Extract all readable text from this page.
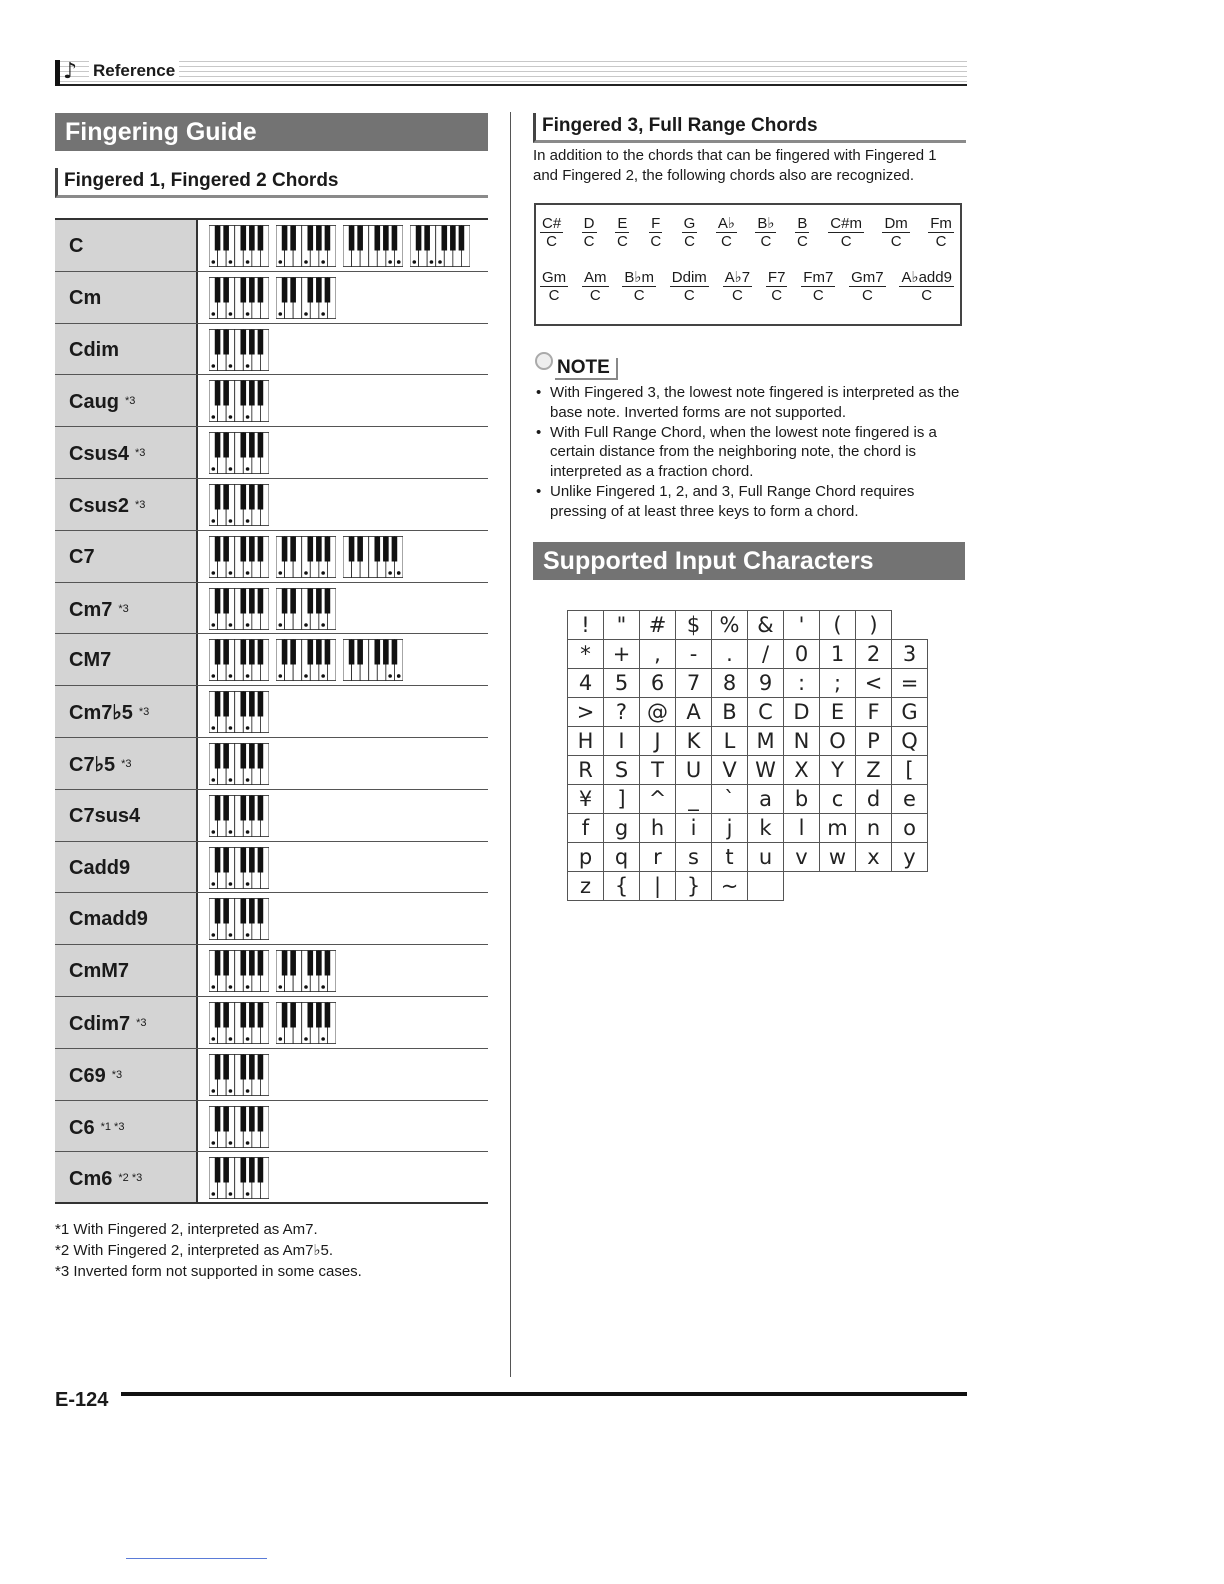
♪ Reference
Fingering Guide
Fingered 1, Fingered 2 Chords
C
Cm
Cdim
Caug $^{*3}$
Csus4 $^{*3}$
Csus2 $^{*3}$
C7
Cm7 $^{*3}$
CM7
Cm7♭5 $^{*3}$
C7♭5 $^{*3}$
C7sus4
Cadd9
Cmadd9
CmM7
Cdim7 $^{*3}$
C69 $^{*3}$
C6 $^{*1 *3}$
Cm6 $^{*2 *3}$
*1 With Fingered 2, interpreted as Am7.
*2 With Fingered 2, interpreted as Am7♭5.
*3 Inverted form not supported in some cases.
Fingered 3, Full Range Chords
In addition to the chords that can be fingered with Fingered 1 and Fingered 2, the following chords also are recognized.
$\frac{C\#}{C} \frac{D}{C} \frac{E}{C} \frac{F}{C} \frac{G}{C} \frac{A♭}{C} \frac{B♭}{C} \frac{B}{C} \frac{C\#m}{C} \frac{Dm}{C} \frac{Fm}{C}$
$\frac{Gm}{C} \frac{Am}{C} \frac{B♭m}{C} \frac{\text{Ddim}}{C} \frac{A♭7}{C} \frac{F7}{C} \frac{Fm7}{C} \frac{Gm7}{C} \frac{\text{A♭add9}}{C}$
NOTE
• With Fingered 3, the lowest note fingered is interpreted as the base note. Inverted forms are not supported.
• With Full Range Chord, when the lowest note fingered is a certain distance from the neighboring note, the chord is interpreted as a fraction chord.
• Unlike Fingered 1, 2, and 3, Full Range Chord requires pressing of at least three keys to form a chord.
Supported Input Characters
!	"	#	$	%	&	'	(	)	
*	+	,	-	.	/	0	1	2	3
4	5	6	7	8	9	:	;	<	=
>	?	@	A	B	C	D	E	F	G
H	I	J	K	L	M	N	O	P	Q
R	S	T	U	V	W	X	Y	Z	[
¥	]	^	_	`	a	b	c	d	e
f	g	h	i	j	k	l	m	n	o
p	q	r	s	t	u	v	w	x	y
z	{	|	}	~					
E-124
